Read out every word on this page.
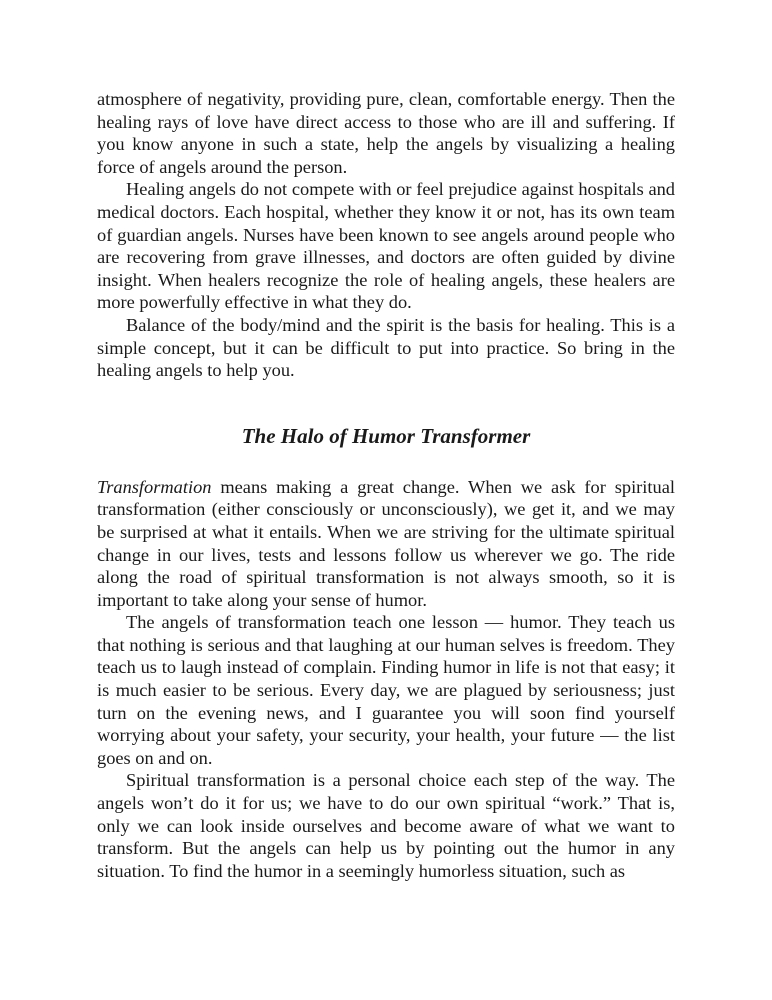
atmosphere of negativity, providing pure, clean, comfortable energy. Then the healing rays of love have direct access to those who are ill and suffering. If you know anyone in such a state, help the angels by visualizing a healing force of angels around the person.

Healing angels do not compete with or feel prejudice against hospitals and medical doctors. Each hospital, whether they know it or not, has its own team of guardian angels. Nurses have been known to see angels around people who are recovering from grave illnesses, and doctors are often guided by divine insight. When healers recognize the role of healing angels, these healers are more powerfully effective in what they do.

Balance of the body/mind and the spirit is the basis for healing. This is a simple concept, but it can be difficult to put into practice. So bring in the healing angels to help you.

The Halo of Humor Transformer

Transformation means making a great change. When we ask for spiritual transformation (either consciously or unconsciously), we get it, and we may be surprised at what it entails. When we are striving for the ultimate spiritual change in our lives, tests and lessons follow us wherever we go. The ride along the road of spiritual transformation is not always smooth, so it is important to take along your sense of humor.

The angels of transformation teach one lesson — humor. They teach us that nothing is serious and that laughing at our human selves is freedom. They teach us to laugh instead of complain. Finding humor in life is not that easy; it is much easier to be serious. Every day, we are plagued by seriousness; just turn on the evening news, and I guarantee you will soon find yourself worrying about your safety, your security, your health, your future — the list goes on and on.

Spiritual transformation is a personal choice each step of the way. The angels won’t do it for us; we have to do our own spiritual “work.” That is, only we can look inside ourselves and become aware of what we want to transform. But the angels can help us by pointing out the humor in any situation. To find the humor in a seemingly humorless situation, such as
